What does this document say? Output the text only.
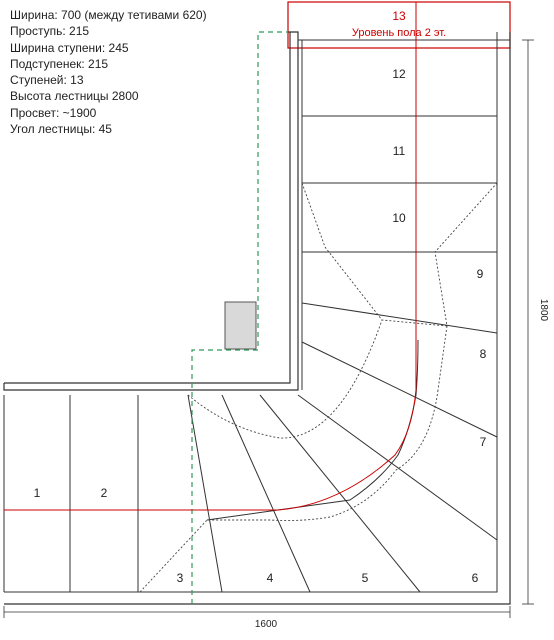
Ширина: 700 (между тетивами 620)
Проступь: 215
Ширина ступени: 245
Подступенек: 215
Ступеней: 13
Высота лестницы 2800
Просвет: ~1900
Угол лестницы: 45
13
Уровень пола 2 эт.
1	2
3	4	5	6
7
8
9
10
11
12
1800
1600
